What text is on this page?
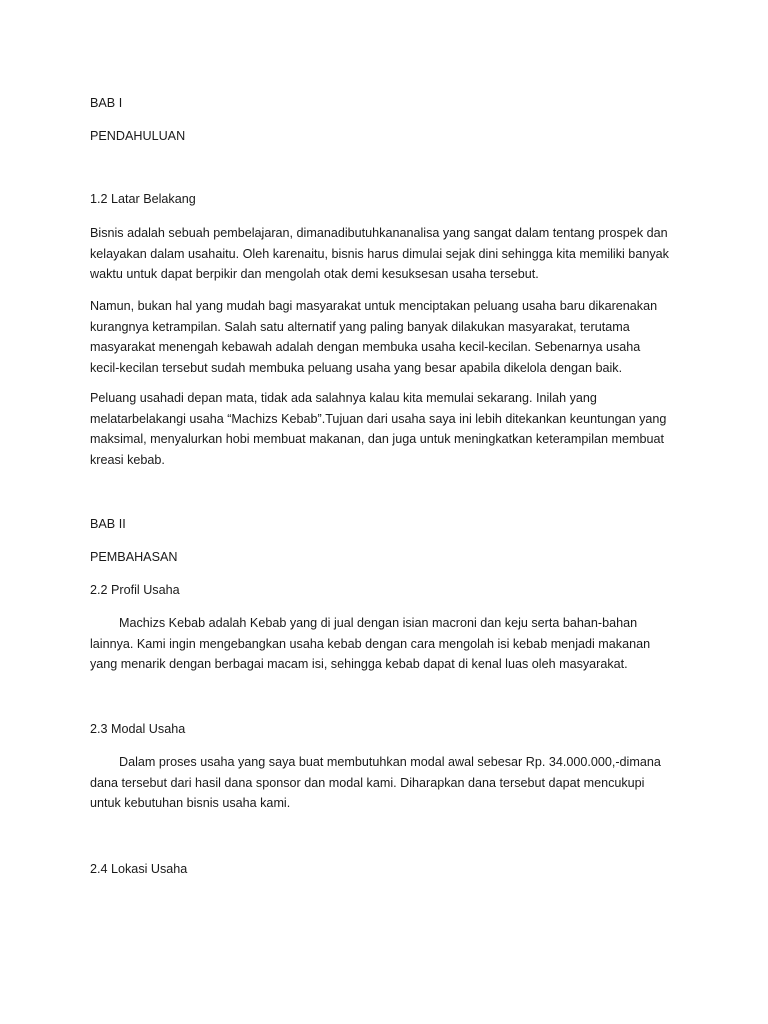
BAB I
PENDAHULUAN
1.2 Latar Belakang

Bisnis adalah sebuah pembelajaran, dimanadibutuhkananalisa yang sangat dalam tentang prospek dan kelayakan dalam usahaitu. Oleh karenaitu, bisnis harus dimulai sejak dini sehingga kita memiliki banyak waktu untuk dapat berpikir dan mengolah otak demi kesuksesan usaha tersebut.

Namun, bukan hal yang mudah bagi masyarakat untuk menciptakan peluang usaha baru dikarenakan kurangnya ketrampilan. Salah satu alternatif yang paling banyak dilakukan masyarakat, terutama masyarakat menengah kebawah adalah dengan membuka usaha kecil-kecilan. Sebenarnya usaha kecil-kecilan tersebut sudah membuka peluang usaha yang besar apabila dikelola dengan baik.

Peluang usahadi depan mata, tidak ada salahnya kalau kita memulai sekarang. Inilah yang melatarbelakangi usaha “Machizs Kebab”.Tujuan dari usaha saya ini lebih ditekankan keuntungan yang maksimal, menyalurkan hobi membuat makanan, dan juga untuk meningkatkan keterampilan membuat kreasi kebab.

BAB II
PEMBAHASAN
2.2 Profil Usaha

Machizs Kebab adalah Kebab yang di jual dengan isian macroni dan keju serta bahan-bahan lainnya. Kami ingin mengebangkan usaha kebab dengan cara mengolah isi kebab menjadi makanan yang menarik dengan berbagai macam isi, sehingga kebab dapat di kenal luas oleh masyarakat.

2.3 Modal Usaha

Dalam proses usaha yang saya buat membutuhkan modal awal sebesar Rp. 34.000.000,-dimana dana tersebut dari hasil dana sponsor dan modal kami. Diharapkan dana tersebut dapat mencukupi untuk kebutuhan bisnis usaha kami.

2.4 Lokasi Usaha
